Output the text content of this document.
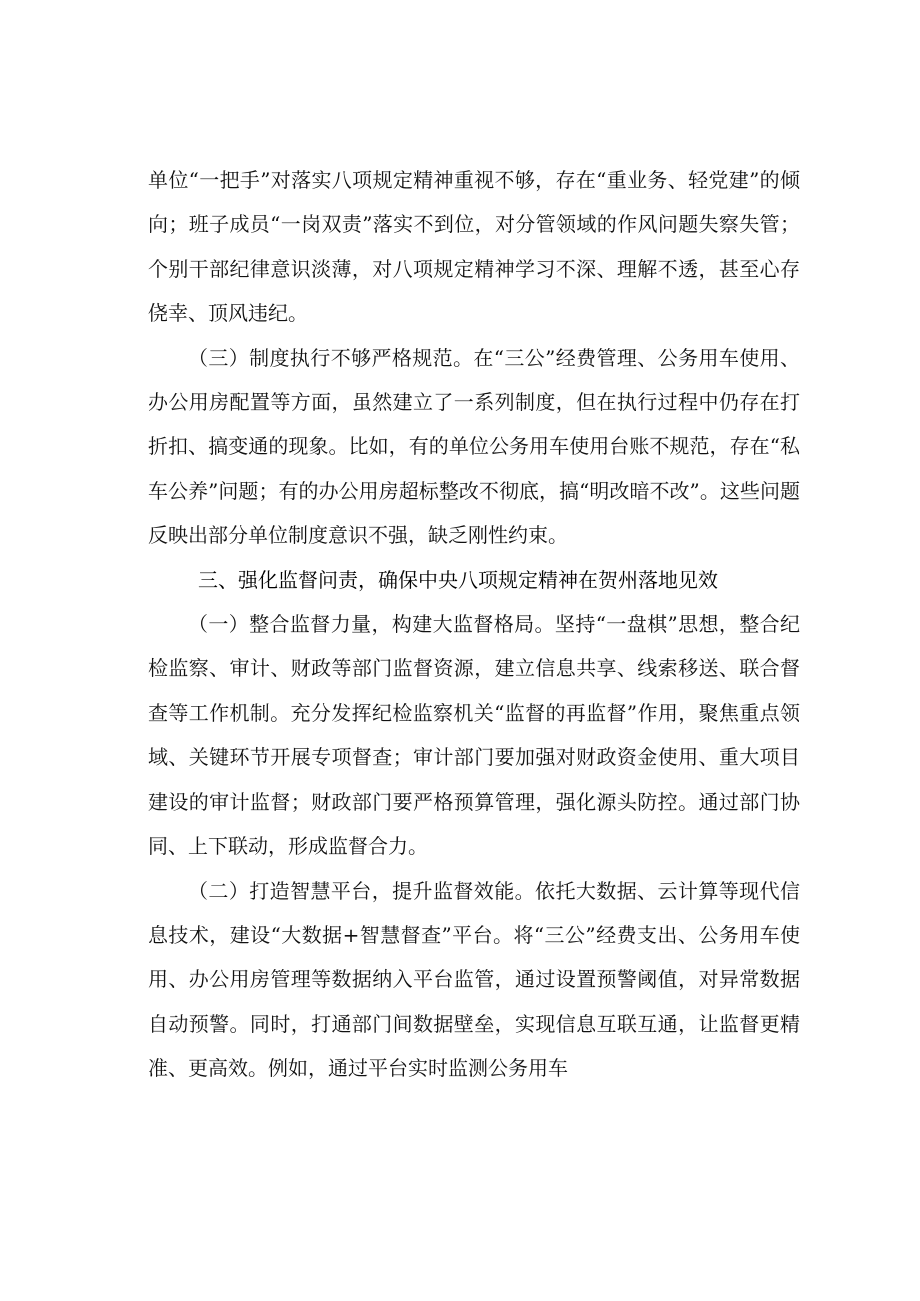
单位“一把手”对落实八项规定精神重视不够，存在“重业务、轻党建”的倾向；班子成员“一岗双责”落实不到位，对分管领域的作风问题失察失管；个别干部纪律意识淡薄，对八项规定精神学习不深、理解不透，甚至心存侥幸、顶风违纪。

（三）制度执行不够严格规范。在“三公”经费管理、公务用车使用、办公用房配置等方面，虽然建立了一系列制度，但在执行过程中仍存在打折扣、搞变通的现象。比如，有的单位公务用车使用台账不规范，存在“私车公养”问题；有的办公用房超标整改不彻底，搞“明改暗不改”。这些问题反映出部分单位制度意识不强，缺乏刚性约束。

三、强化监督问责，确保中央八项规定精神在贺州落地见效

（一）整合监督力量，构建大监督格局。坚持“一盘棋”思想，整合纪检监察、审计、财政等部门监督资源，建立信息共享、线索移送、联合督查等工作机制。充分发挥纪检监察机关“监督的再监督”作用，聚焦重点领域、关键环节开展专项督查；审计部门要加强对财政资金使用、重大项目建设的审计监督；财政部门要严格预算管理，强化源头防控。通过部门协同、上下联动，形成监督合力。

（二）打造智慧平台，提升监督效能。依托大数据、云计算等现代信息技术，建设“大数据+智慧督查”平台。将“三公”经费支出、公务用车使用、办公用房管理等数据纳入平台监管，通过设置预警阈值，对异常数据自动预警。同时，打通部门间数据壁垒，实现信息互联互通，让监督更精准、更高效。例如，通过平台实时监测公务用车
